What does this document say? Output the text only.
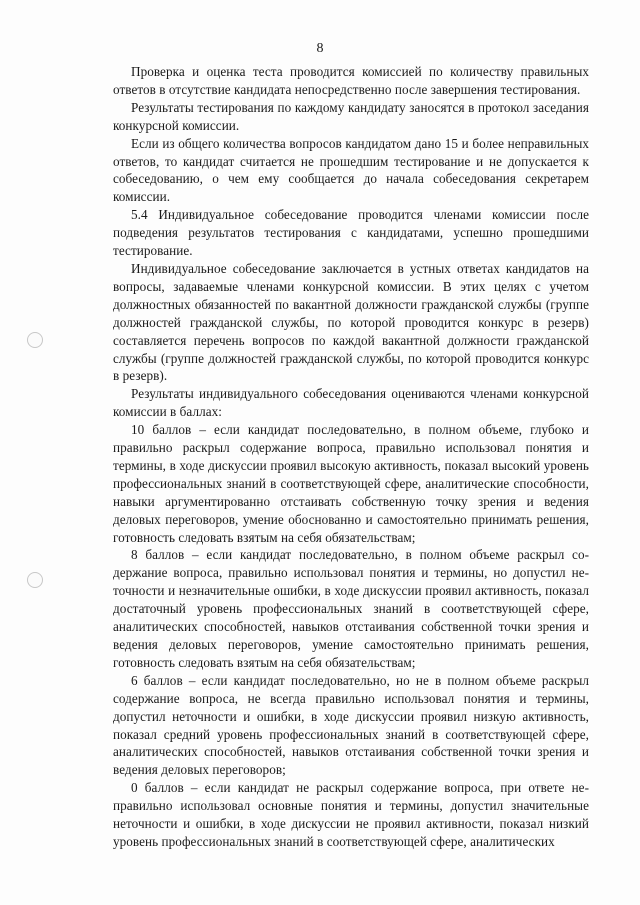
8

Проверка и оценка теста проводится комиссией по количеству правильных ответов в отсутствие кандидата непосредственно после завершения тестирования.

Результаты тестирования по каждому кандидату заносятся в протокол заседания конкурсной комиссии.

Если из общего количества вопросов кандидатом дано 15 и более неправильных ответов, то кандидат считается не прошедшим тестирование и не допускается к собеседованию, о чем ему сообщается до начала собеседования секретарем комиссии.

5.4 Индивидуальное собеседование проводится членами комиссии после подведения результатов тестирования с кандидатами, успешно прошедшими тестирование.

Индивидуальное собеседование заключается в устных ответах кандидатов на вопросы, задаваемые членами конкурсной комиссии. В этих целях с учетом должностных обязанностей по вакантной должности гражданской службы (группе должностей гражданской службы, по которой проводится конкурс в резерв) составляется перечень вопросов по каждой вакантной должности гражданской службы (группе должностей гражданской службы, по которой проводится конкурс в резерв).

Результаты индивидуального собеседования оцениваются членами конкурсной комиссии в баллах:

10 баллов – если кандидат последовательно, в полном объеме, глубоко и правильно раскрыл содержание вопроса, правильно использовал понятия и термины, в ходе дискуссии проявил высокую активность, показал высокий уровень профессиональных знаний в соответствующей сфере, аналитические способности, навыки аргументированно отстаивать собственную точку зрения и ведения деловых переговоров, умение обоснованно и самостоятельно принимать решения, готовность следовать взятым на себя обязательствам;

8 баллов – если кандидат последовательно, в полном объеме раскрыл содержание вопроса, правильно использовал понятия и термины, но допустил неточности и незначительные ошибки, в ходе дискуссии проявил активность, показал достаточный уровень профессиональных знаний в соответствующей сфере, аналитических способностей, навыков отстаивания собственной точки зрения и ведения деловых переговоров, умение самостоятельно принимать решения, готовность следовать взятым на себя обязательствам;

6 баллов – если кандидат последовательно, но не в полном объеме раскрыл содержание вопроса, не всегда правильно использовал понятия и термины, допустил неточности и ошибки, в ходе дискуссии проявил низкую активность, показал средний уровень профессиональных знаний в соответствующей сфере, аналитических способностей, навыков отстаивания собственной точки зрения и ведения деловых переговоров;

0 баллов – если кандидат не раскрыл содержание вопроса, при ответе неправильно использовал основные понятия и термины, допустил значительные неточности и ошибки, в ходе дискуссии не проявил активности, показал низкий уровень профессиональных знаний в соответствующей сфере, аналитических
